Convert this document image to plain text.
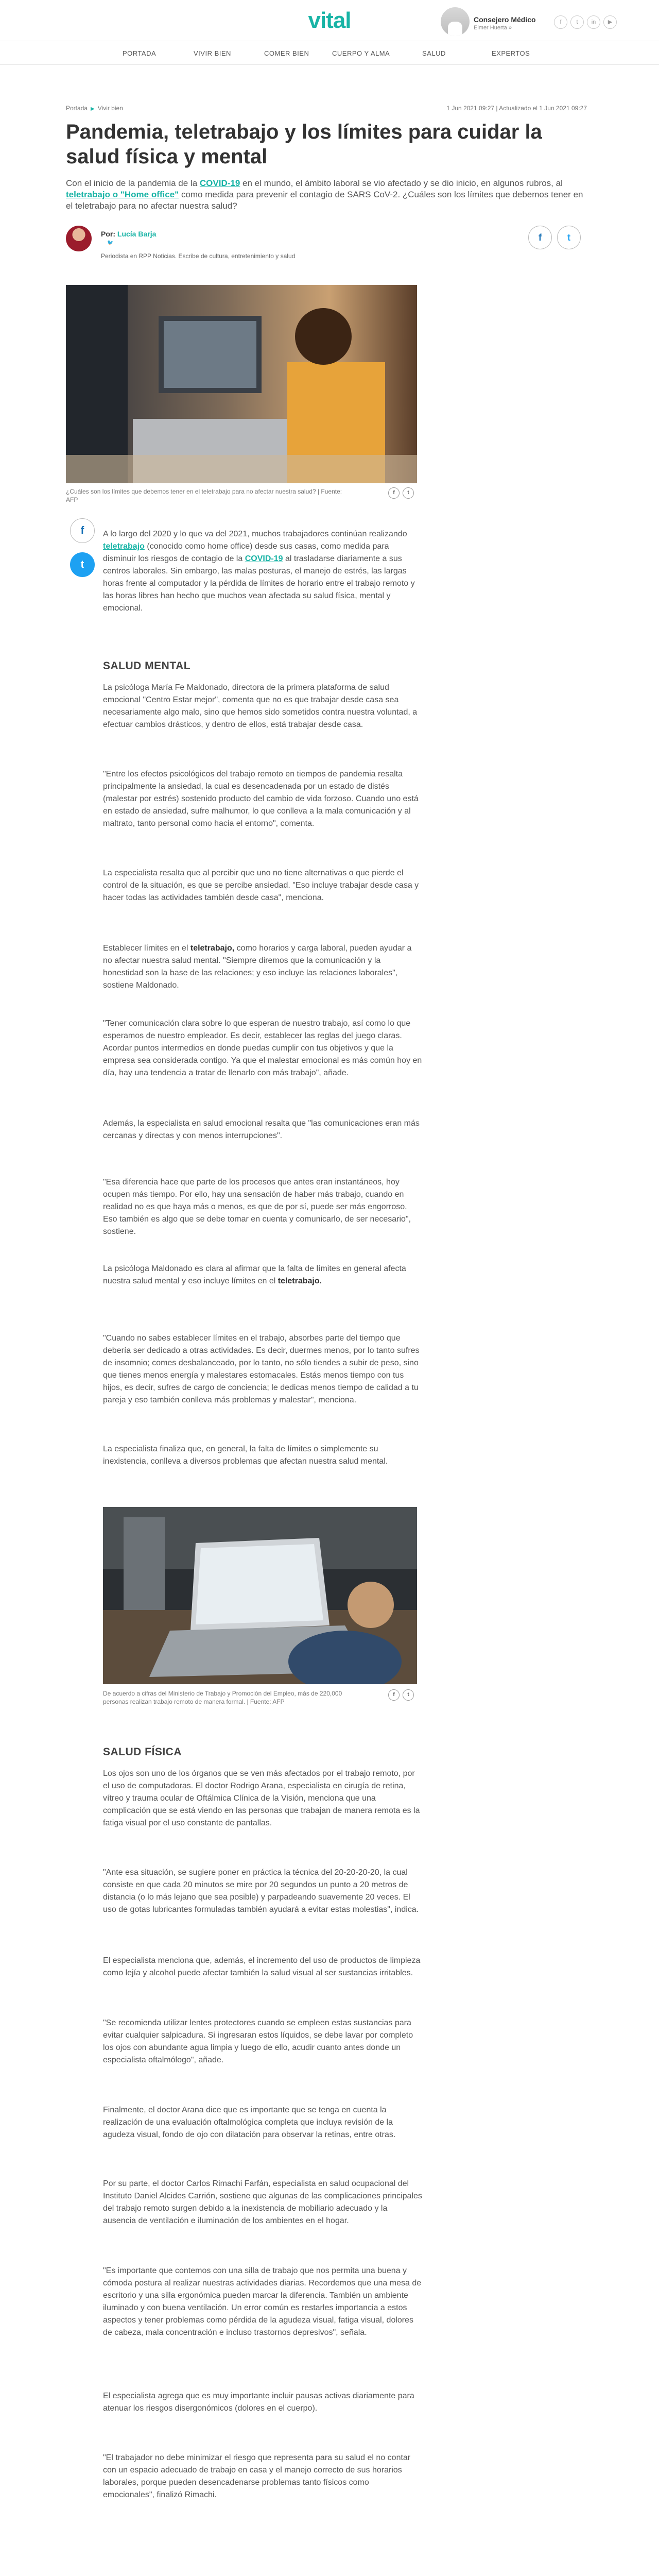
vital	Consejero Médico
Elmer Huerta »
f	t	in	▶
PORTADA	VIVIR BIEN	COMER BIEN	CUERPO Y ALMA	SALUD	EXPERTOS
Portada ▶ Vivir bien	1 Jun 2021 09:27 | Actualizado el 1 Jun 2021 09:27
Pandemia, teletrabajo y los límites para cuidar la salud física y mental

Con el inicio de la pandemia de la COVID-19 en el mundo, el ámbito laboral se vio afectado y se dio inicio, en algunos rubros, al teletrabajo o "Home office" como medida para prevenir el contagio de SARS CoV-2. ¿Cuáles son los límites que debemos tener en el teletrabajo para no afectar nuestra salud?

Por: Lucía Barja
🐦
Periodista en RPP Noticias. Escribe de cultura, entretenimiento y salud
f	t
¿Cuáles son los límites que debemos tener en el teletrabajo para no afectar nuestra salud? | Fuente: AFP
f	t
f
t

A lo largo del 2020 y lo que va del 2021, muchos trabajadores continúan realizando teletrabajo (conocido como home office) desde sus casas, como medida para disminuir los riesgos de contagio de la COVID-19 al trasladarse diariamente a sus centros laborales. Sin embargo, las malas posturas, el manejo de estrés, las largas horas frente al computador y la pérdida de límites de horario entre el trabajo remoto y las horas libres han hecho que muchos vean afectada su salud física, mental y emocional.

SALUD MENTAL

La psicóloga María Fe Maldonado, directora de la primera plataforma de salud emocional "Centro Estar mejor", comenta que no es que trabajar desde casa sea necesariamente algo malo, sino que hemos sido sometidos contra nuestra voluntad, a efectuar cambios drásticos, y dentro de ellos, está trabajar desde casa.

"Entre los efectos psicológicos del trabajo remoto en tiempos de pandemia resalta principalmente la ansiedad, la cual es desencadenada por un estado de distés (malestar por estrés) sostenido producto del cambio de vida forzoso. Cuando uno está en estado de ansiedad, sufre malhumor, lo que conlleva a la mala comunicación y al maltrato, tanto personal como hacia el entorno", comenta.

La especialista resalta que al percibir que uno no tiene alternativas o que pierde el control de la situación, es que se percibe ansiedad. "Eso incluye trabajar desde casa y hacer todas las actividades también desde casa", menciona.

Establecer límites en el teletrabajo, como horarios y carga laboral, pueden ayudar a no afectar nuestra salud mental. "Siempre diremos que la comunicación y la honestidad son la base de las relaciones; y eso incluye las relaciones laborales", sostiene Maldonado.

"Tener comunicación clara sobre lo que esperan de nuestro trabajo, así como lo que esperamos de nuestro empleador. Es decir, establecer las reglas del juego claras. Acordar puntos intermedios en donde puedas cumplir con tus objetivos y que la empresa sea considerada contigo. Ya que el malestar emocional es más común hoy en día, hay una tendencia a tratar de llenarlo con más trabajo", añade.

Además, la especialista en salud emocional resalta que "las comunicaciones eran más cercanas y directas y con menos interrupciones".

"Esa diferencia hace que parte de los procesos que antes eran instantáneos, hoy ocupen más tiempo. Por ello, hay una sensación de haber más trabajo, cuando en realidad no es que haya más o menos, es que de por sí, puede ser más engorroso. Eso también es algo que se debe tomar en cuenta y comunicarlo, de ser necesario", sostiene.

La psicóloga Maldonado es clara al afirmar que la falta de límites en general afecta nuestra salud mental y eso incluye límites en el teletrabajo.

"Cuando no sabes establecer límites en el trabajo, absorbes parte del tiempo que debería ser dedicado a otras actividades. Es decir, duermes menos, por lo tanto sufres de insomnio; comes desbalanceado, por lo tanto, no sólo tiendes a subir de peso, sino que tienes menos energía y malestares estomacales. Estás menos tiempo con tus hijos, es decir, sufres de cargo de conciencia; le dedicas menos tiempo de calidad a tu pareja y eso también conlleva más problemas y malestar", menciona.

La especialista finaliza que, en general, la falta de límites o simplemente su inexistencia, conlleva a diversos problemas que afectan nuestra salud mental.

De acuerdo a cifras del Ministerio de Trabajo y Promoción del Empleo, más de 220,000 personas realizan trabajo remoto de manera formal. | Fuente: AFP
f	t
SALUD FÍSICA

Los ojos son uno de los órganos que se ven más afectados por el trabajo remoto, por el uso de computadoras. El doctor Rodrigo Arana, especialista en cirugía de retina, vítreo y trauma ocular de Oftálmica Clínica de la Visión, menciona que una complicación que se está viendo en las personas que trabajan de manera remota es la fatiga visual por el uso constante de pantallas.

"Ante esa situación, se sugiere poner en práctica la técnica del 20-20-20-20, la cual consiste en que cada 20 minutos se mire por 20 segundos un punto a 20 metros de distancia (o lo más lejano que sea posible) y parpadeando suavemente 20 veces. El uso de gotas lubricantes formuladas también ayudará a evitar estas molestias", indica.

El especialista menciona que, además, el incremento del uso de productos de limpieza como lejía y alcohol puede afectar también la salud visual al ser sustancias irritables.

"Se recomienda utilizar lentes protectores cuando se empleen estas sustancias para evitar cualquier salpicadura. Si ingresaran estos líquidos, se debe lavar por completo los ojos con abundante agua limpia y luego de ello, acudir cuanto antes donde un especialista oftalmólogo", añade.

Finalmente, el doctor Arana dice que es importante que se tenga en cuenta la realización de una evaluación oftalmológica completa que incluya revisión de la agudeza visual, fondo de ojo con dilatación para observar la retinas, entre otras.

Por su parte, el doctor Carlos Rimachi Farfán, especialista en salud ocupacional del Instituto Daniel Alcides Carrión, sostiene que algunas de las complicaciones principales del trabajo remoto surgen debido a la inexistencia de mobiliario adecuado y la ausencia de ventilación e iluminación de los ambientes en el hogar.

"Es importante que contemos con una silla de trabajo que nos permita una buena y cómoda postura al realizar nuestras actividades diarias. Recordemos que una mesa de escritorio y una silla ergonómica pueden marcar la diferencia. También un ambiente iluminado y con buena ventilación. Un error común es restarles importancia a estos aspectos y tener problemas como pérdida de la agudeza visual, fatiga visual, dolores de cabeza, mala concentración e incluso trastornos depresivos", señala.

El especialista agrega que es muy importante incluir pausas activas diariamente para atenuar los riesgos disergonómicos (dolores en el cuerpo).

"El trabajador no debe minimizar el riesgo que representa para su salud el no contar con un espacio adecuado de trabajo en casa y el manejo correcto de sus horarios laborales, porque pueden desencadenarse problemas tanto físicos como emocionales", finalizó Rimachi.
